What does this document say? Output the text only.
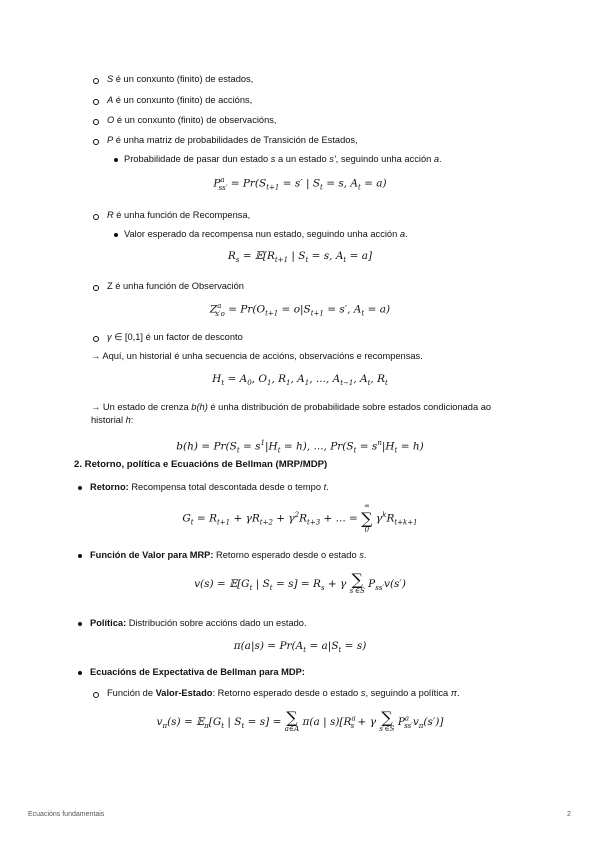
S é un conxunto (finito) de estados,
A é un conxunto (finito) de accións,
O é un conxunto (finito) de observacións,
P é unha matriz de probabilidades de Transición de Estados,
Probabilidade de pasar dun estado s a un estado s', seguindo unha acción a.
$P^a_{ss'} = Pr(S_{t+1} = s'$ | $S_t = s$, $A_t = a$)
R é unha función de Recompensa,
Valor esperado da recompensa nun estado, seguindo unha acción a.
$R_s$ = $𝔼[R_{t+1}$ | $S_t = s$, $A_t = a$]
Z é unha función de Observación
$Z^a_{s'o} = Pr(O_{t+1} = o|S_{t+1} = s'$, $A_t = a$)
γ ∈ [0,1] é un factor de desconto
→ Aquí, un historial é unha secuencia de accións, observacións e recompensas.
$H_t = A_0$, $O_1$, $R_1$, $A_1$, ..., $A_{t-1}$, $A_t$, $R_t$
→ Un estado de crenza b(h) é unha distribución de probabilidade sobre estados condicionada ao
historial h:
$b(h) = Pr(S_t = s^1|H_t = h)$, ..., $Pr(S_t = s^n|H_t = h)$
2. Retorno, política e Ecuacións de Bellman (MRP/MDP)
Retorno: Recompensa total descontada desde o tempo t.
$G_t = R_{t+1} + \gamma R_{t+2} + \gamma^2R_{t+3}$ + ... =
∞
∑
0
$\gamma^kR_{t+k+1}$
Función de Valor para MRP: Retorno esperado desde o estado s.
$v(s) = 𝔼[G_t$ | $S_t = s] = R_s + \gamma$ ∑
s′∈S
$P_{ss'}v(s')$
Política: Distribución sobre accións dado un estado.
$\pi(a|s) = Pr(A_t = a|S_t = s)$
Ecuacións de Expectativa de Bellman para MDP:
Función de Valor-Estado: Retorno esperado desde o estado s, seguindo a política π.
$v_\pi(s)$ = $𝔼_\pi[G_t$ | $S_t = s$] = ∑
a∈A
π(a | $s)[R^a_s + \gamma$ ∑
s′∈S
$P^a_{ss'}v_\pi(s')$]
Ecuacións fundamentais	2
